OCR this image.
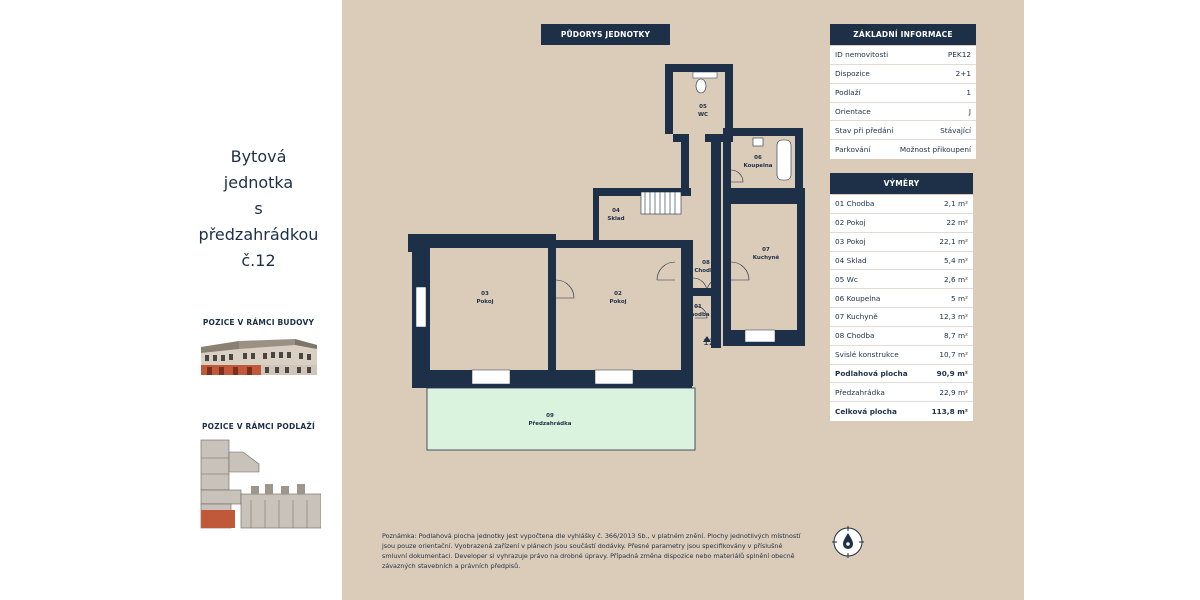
Bytová
jednotka
s
předzahrádkou
č.12
POZICE V RÁMCI BUDOVY
POZICE V RÁMCI PODLAŽÍ
PŮDORYS JEDNOTKY
03
Pokoj
02
Pokoj
04
Sklad
05
WC
06
Koupelna
07
Kuchyně
08
Chodba
01
Chodba
09
Předzahrádka
12
ZÁKLADNÍ INFORMACE
ID nemovitosti	PEK12
Dispozice	2+1
Podlaží	1
Orientace	J
Stav při předání	Stávající
Parkování	Možnost přikoupení
VÝMĚRY
01 Chodba	2,1 m²
02 Pokoj	22 m²
03 Pokoj	22,1 m²
04 Sklad	5,4 m²
05 Wc	2,6 m²
06 Koupelna	5 m²
07 Kuchyně	12,3 m²
08 Chodba	8,7 m²
Svislé konstrukce	10,7 m²
Podlahová plocha	90,9 m²
Předzahrádka	22,9 m²
Celková plocha	113,8 m²
Poznámka: Podlahová plocha jednotky jest vypočtena dle vyhlášky č. 366/2013 Sb., v platném znění. Plochy jednotlivých místností jsou pouze orientační. Vyobrazená zařízení v plánech jsou součástí dodávky. Přesné parametry jsou specifikovány v příslušné smluvní dokumentaci. Developer si vyhrazuje právo na drobné úpravy. Případná změna dispozice nebo materiálů splnění obecně závazných stavebních a právních předpisů.
